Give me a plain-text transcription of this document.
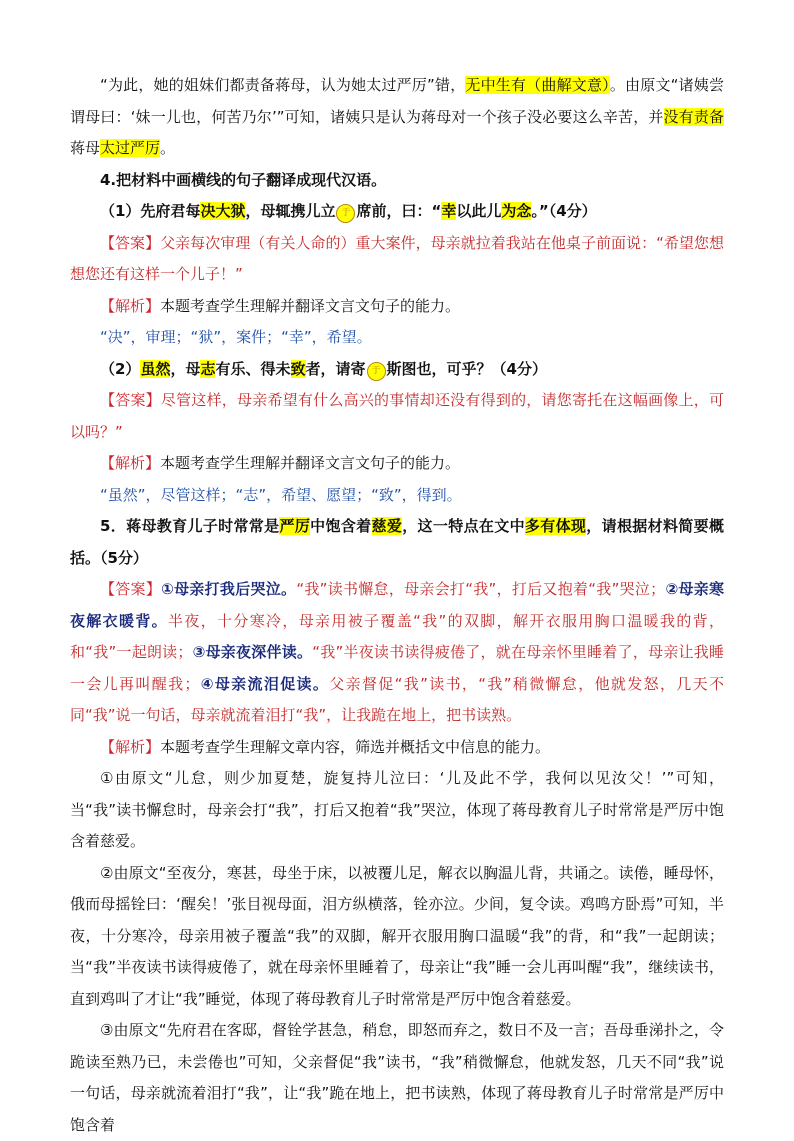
“为此，她的姐妹们都责备蒋母，认为她太过严厉”错，无中生有（曲解文意）。由原文“诸姨尝谓母曰：‘妹一儿也，何苦乃尔’”可知，诸姨只是认为蒋母对一个孩子没必要这么辛苦，并没有责备蒋母太过严厉。

4.把材料中画横线的句子翻译成现代汉语。

（1）先府君每决大狱，母辄携儿立 于 席前，曰：“幸以此儿为念。”（4分）

【答案】父亲每次审理（有关人命的）重大案件，母亲就拉着我站在他桌子前面说：“希望您想想您还有这样一个儿子！”

【解析】本题考查学生理解并翻译文言文句子的能力。

“决”，审理；“狱”，案件；“幸”，希望。

（2）虽然，母志有乐、得未致者，请寄 于 斯图也，可乎？（4分）

【答案】尽管这样，母亲希望有什么高兴的事情却还没有得到的，请您寄托在这幅画像上，可以吗？”

【解析】本题考查学生理解并翻译文言文句子的能力。

“虽然”，尽管这样；“志”，希望、愿望；“致”，得到。

5．蒋母教育儿子时常常是严厉中饱含着慈爱，这一特点在文中多有体现，请根据材料简要概括。（5分）

【答案】①母亲打我后哭泣。“我”读书懈怠，母亲会打“我”，打后又抱着“我”哭泣；②母亲寒夜解衣暖背。半夜，十分寒冷，母亲用被子覆盖“我”的双脚，解开衣服用胸口温暖我的背，和“我”一起朗读；③母亲夜深伴读。“我”半夜读书读得疲倦了，就在母亲怀里睡着了，母亲让我睡一会儿再叫醒我；④母亲流泪促读。父亲督促“我”读书，“我”稍微懈怠，他就发怒，几天不同“我”说一句话，母亲就流着泪打“我”，让我跪在地上，把书读熟。

【解析】本题考查学生理解文章内容，筛选并概括文中信息的能力。

①由原文“儿怠，则少加夏楚，旋复持儿泣曰：‘儿及此不学，我何以见汝父！’”可知，当“我”读书懈怠时，母亲会打“我”，打后又抱着“我”哭泣，体现了蒋母教育儿子时常常是严厉中饱含着慈爱。

②由原文“至夜分，寒甚，母坐于床，以被覆儿足，解衣以胸温儿背，共诵之。读倦，睡母怀，俄而母摇铨曰：‘醒矣！’张目视母面，泪方纵横落，铨亦泣。少间，复令读。鸡鸣方卧焉”可知，半夜，十分寒冷，母亲用被子覆盖“我”的双脚，解开衣服用胸口温暖“我”的背，和“我”一起朗读；当“我”半夜读书读得疲倦了，就在母亲怀里睡着了，母亲让“我”睡一会儿再叫醒“我”，继续读书，直到鸡叫了才让“我”睡觉，体现了蒋母教育儿子时常常是严厉中饱含着慈爱。

③由原文“先府君在客邸，督铨学甚急，稍怠，即怒而弃之，数日不及一言；吾母垂涕扑之，令跪读至熟乃已，未尝倦也”可知，父亲督促“我”读书，“我”稍微懈怠，他就发怒，几天不同“我”说一句话，母亲就流着泪打“我”，让“我”跪在地上，把书读熟，体现了蒋母教育儿子时常常是严厉中饱含着
